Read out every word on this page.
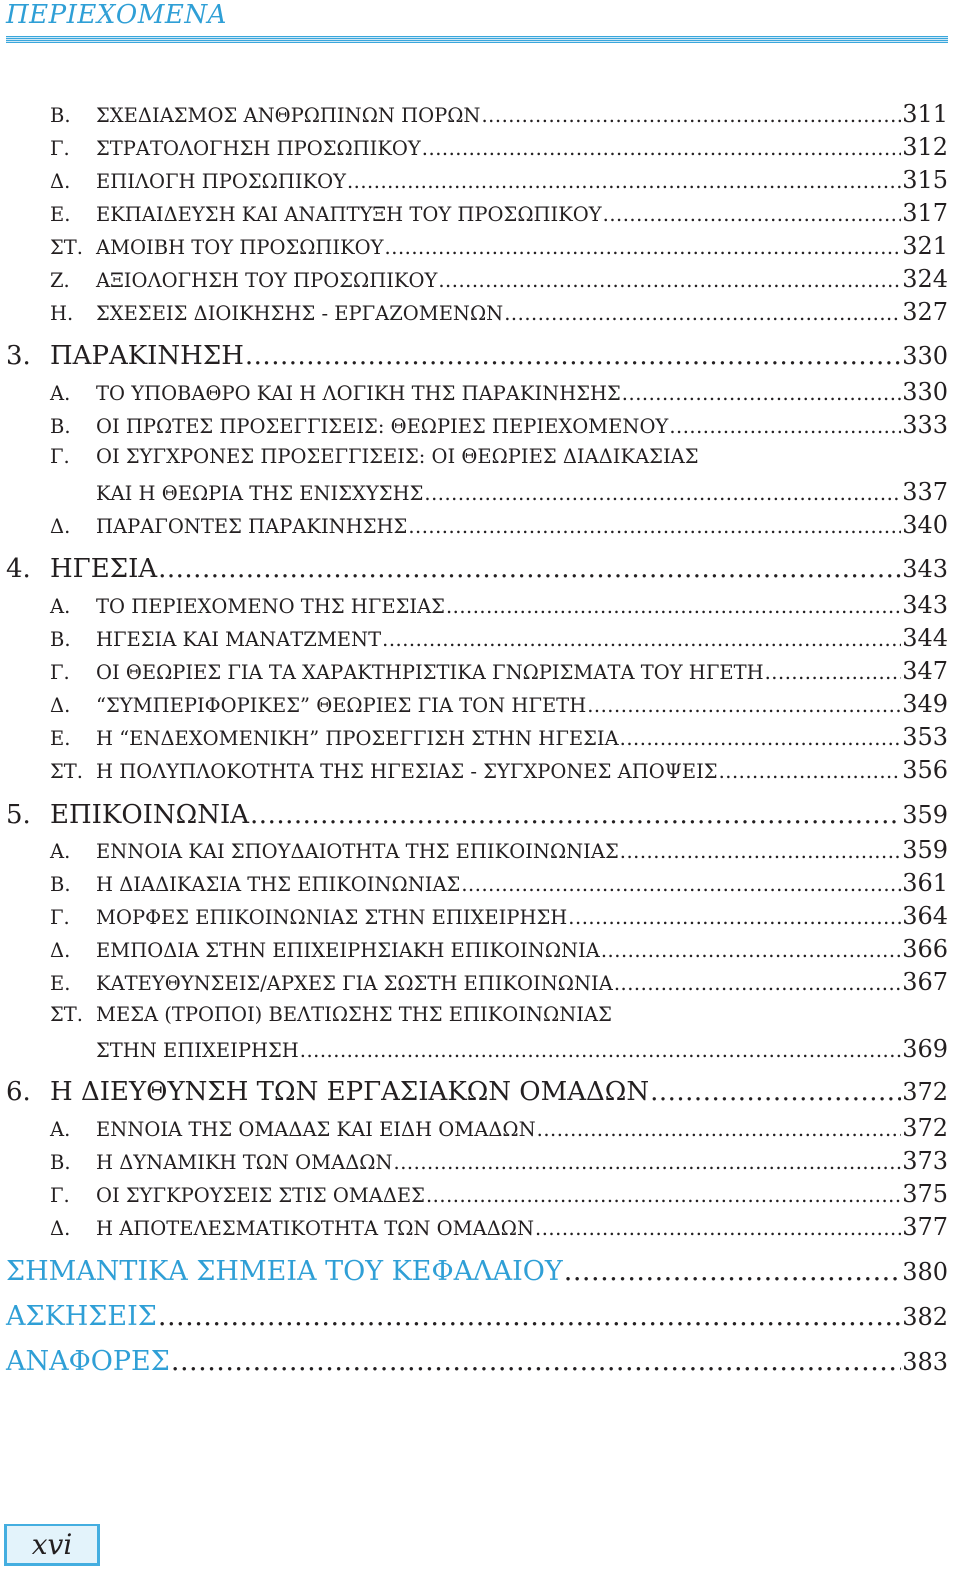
ΠΕΡΙΕΧΟΜΕΝΑ
Β.	ΣΧΕΔΙΑΣΜΟΣ ΑΝΘΡΩΠΙΝΩΝ ΠΟΡΩΝ .....	311
Γ.	ΣΤΡΑΤΟΛΟΓΗΣΗ ΠΡΟΣΩΠΙΚΟΥ .....	312
Δ.	ΕΠΙΛΟΓΗ ΠΡΟΣΩΠΙΚΟΥ .....	315
Ε.	ΕΚΠΑΙΔΕΥΣΗ ΚΑΙ ΑΝΑΠΤΥΞΗ ΤΟΥ ΠΡΟΣΩΠΙΚΟΥ .....	317
ΣΤ. ΑΜΟΙΒΗ ΤΟΥ ΠΡΟΣΩΠΙΚΟΥ .....	321
Ζ.	ΑΞΙΟΛΟΓΗΣΗ ΤΟΥ ΠΡΟΣΩΠΙΚΟΥ .....	324
Η.	ΣΧΕΣΕΙΣ ΔΙΟΙΚΗΣΗΣ - ΕΡΓΑΖΟΜΕΝΩΝ .....	327
3. ΠΑΡΑΚΙΝΗΣΗ .....	330
Α.	ΤΟ ΥΠΟΒΑΘΡΟ ΚΑΙ Η ΛΟΓΙΚΗ ΤΗΣ ΠΑΡΑΚΙΝΗΣΗΣ .....	330
Β.	ΟΙ ΠΡΩΤΕΣ ΠΡΟΣΕΓΓΙΣΕΙΣ: ΘΕΩΡΙΕΣ ΠΕΡΙΕΧΟΜΕΝΟΥ .....	333
Γ. ΟΙ ΣΥΓΧΡΟΝΕΣ ΠΡΟΣΕΓΓΙΣΕΙΣ: ΟΙ ΘΕΩΡΙΕΣ ΔΙΑΔΙΚΑΣΙΑΣ
ΚΑΙ Η ΘΕΩΡΙΑ ΤΗΣ ΕΝΙΣΧΥΣΗΣ .....	337
Δ.	ΠΑΡΑΓΟΝΤΕΣ ΠΑΡΑΚΙΝΗΣΗΣ .....	340
4. ΗΓΕΣΙΑ .....	343
Α.	ΤΟ ΠΕΡΙΕΧΟΜΕΝΟ ΤΗΣ ΗΓΕΣΙΑΣ .....	343
Β.	ΗΓΕΣΙΑ ΚΑΙ ΜΑΝΑΤΖΜΕΝΤ .....	344
Γ.	ΟΙ ΘΕΩΡΙΕΣ ΓΙΑ ΤΑ ΧΑΡΑΚΤΗΡΙΣΤΙΚΑ ΓΝΩΡΙΣΜΑΤΑ ΤΟΥ ΗΓΕΤΗ .....	347
Δ.	“ΣΥΜΠΕΡΙΦΟΡΙΚΕΣ” ΘΕΩΡΙΕΣ ΓΙΑ ΤΟΝ ΗΓΕΤΗ .....	349
Ε.	Η “ΕΝΔΕΧΟΜΕΝΙΚΗ” ΠΡΟΣΕΓΓΙΣΗ ΣΤΗΝ ΗΓΕΣΙΑ .....	353
ΣΤ. Η ΠΟΛΥΠΛΟΚΟΤΗΤΑ ΤΗΣ ΗΓΕΣΙΑΣ - ΣΥΓΧΡΟΝΕΣ ΑΠΟΨΕΙΣ .....	356
5. ΕΠΙΚΟΙΝΩΝΙΑ .....	359
Α.	ΕΝΝΟΙΑ ΚΑΙ ΣΠΟΥΔΑΙΟΤΗΤΑ ΤΗΣ ΕΠΙΚΟΙΝΩΝΙΑΣ .....	359
Β.	Η ΔΙΑΔΙΚΑΣΙΑ ΤΗΣ ΕΠΙΚΟΙΝΩΝΙΑΣ .....	361
Γ.	ΜΟΡΦΕΣ ΕΠΙΚΟΙΝΩΝΙΑΣ ΣΤΗΝ ΕΠΙΧΕΙΡΗΣΗ .....	364
Δ.	ΕΜΠΟΔΙΑ ΣΤΗΝ ΕΠΙΧΕΙΡΗΣΙΑΚΗ ΕΠΙΚΟΙΝΩΝΙΑ .....	366
Ε.	ΚΑΤΕΥΘΥΝΣΕΙΣ/ΑΡΧΕΣ ΓΙΑ ΣΩΣΤΗ ΕΠΙΚΟΙΝΩΝΙΑ .....	367
ΣΤ. ΜΕΣΑ (ΤΡΟΠΟΙ) ΒΕΛΤΙΩΣΗΣ ΤΗΣ ΕΠΙΚΟΙΝΩΝΙΑΣ
ΣΤΗΝ ΕΠΙΧΕΙΡΗΣΗ .....	369
6. Η ΔΙΕΥΘΥΝΣΗ ΤΩΝ ΕΡΓΑΣΙΑΚΩΝ ΟΜΑΔΩΝ .....	372
Α.	ΕΝΝΟΙΑ ΤΗΣ ΟΜΑΔΑΣ ΚΑΙ ΕΙΔΗ ΟΜΑΔΩΝ .....	372
Β.	Η ΔΥΝΑΜΙΚΗ ΤΩΝ ΟΜΑΔΩΝ .....	373
Γ.	ΟΙ ΣΥΓΚΡΟΥΣΕΙΣ ΣΤΙΣ ΟΜΑΔΕΣ .....	375
Δ.	Η ΑΠΟΤΕΛΕΣΜΑΤΙΚΟΤΗΤΑ ΤΩΝ ΟΜΑΔΩΝ .....	377
ΣΗΜΑΝΤΙΚΑ ΣΗΜΕΙΑ ΤΟΥ ΚΕΦΑΛΑΙΟΥ .....	380
ΑΣΚΗΣΕΙΣ .....	382
ΑΝΑΦΟΡΕΣ .....	383
xvi
